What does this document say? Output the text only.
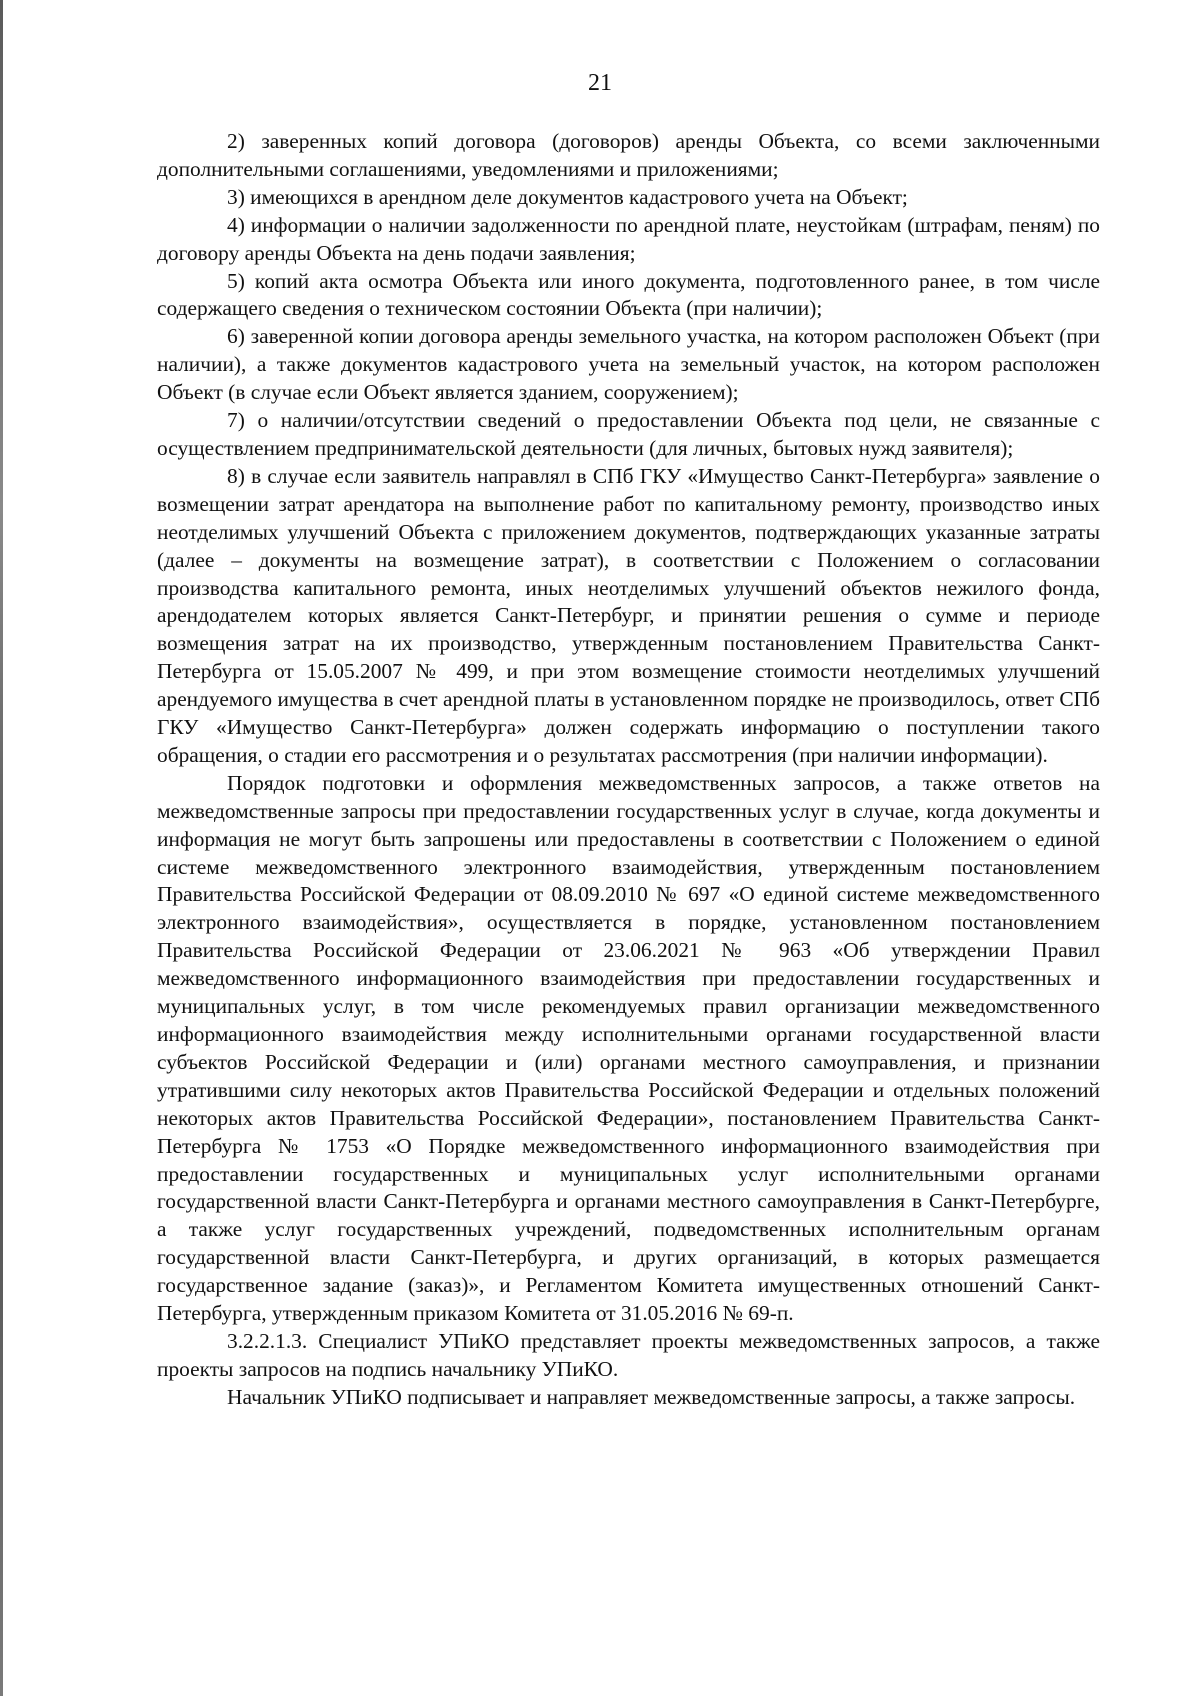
21

2) заверенных копий договора (договоров) аренды Объекта, со всеми заключенными дополнительными соглашениями, уведомлениями и приложениями;

3) имеющихся в арендном деле документов кадастрового учета на Объект;

4) информации о наличии задолженности по арендной плате, неустойкам (штрафам, пеням) по договору аренды Объекта на день подачи заявления;

5) копий акта осмотра Объекта или иного документа, подготовленного ранее, в том числе содержащего сведения о техническом состоянии Объекта (при наличии);

6) заверенной копии договора аренды земельного участка, на котором расположен Объект (при наличии), а также документов кадастрового учета на земельный участок, на котором расположен Объект (в случае если Объект является зданием, сооружением);

7) о наличии/отсутствии сведений о предоставлении Объекта под цели, не связанные с осуществлением предпринимательской деятельности (для личных, бытовых нужд заявителя);

8) в случае если заявитель направлял в СПб ГКУ «Имущество Санкт-Петербурга» заявление о возмещении затрат арендатора на выполнение работ по капитальному ремонту, производство иных неотделимых улучшений Объекта с приложением документов, подтверждающих указанные затраты (далее – документы на возмещение затрат), в соответствии с Положением о согласовании производства капитального ремонта, иных неотделимых улучшений объектов нежилого фонда, арендодателем которых является Санкт-Петербург, и принятии решения о сумме и периоде возмещения затрат на их производство, утвержденным постановлением Правительства Санкт-Петербурга от 15.05.2007 № 499, и при этом возмещение стоимости неотделимых улучшений арендуемого имущества в счет арендной платы в установленном порядке не производилось, ответ СПб ГКУ «Имущество Санкт-Петербурга» должен содержать информацию о поступлении такого обращения, о стадии его рассмотрения и о результатах рассмотрения (при наличии информации).

Порядок подготовки и оформления межведомственных запросов, а также ответов на межведомственные запросы при предоставлении государственных услуг в случае, когда документы и информация не могут быть запрошены или предоставлены в соответствии с Положением о единой системе межведомственного электронного взаимодействия, утвержденным постановлением Правительства Российской Федерации от 08.09.2010 № 697 «О единой системе межведомственного электронного взаимодействия», осуществляется в порядке, установленном постановлением Правительства Российской Федерации от 23.06.2021 № 963 «Об утверждении Правил межведомственного информационного взаимодействия при предоставлении государственных и муниципальных услуг, в том числе рекомендуемых правил организации межведомственного информационного взаимодействия между исполнительными органами государственной власти субъектов Российской Федерации и (или) органами местного самоуправления, и признании утратившими силу некоторых актов Правительства Российской Федерации и отдельных положений некоторых актов Правительства Российской Федерации», постановлением Правительства Санкт-Петербурга № 1753 «О Порядке межведомственного информационного взаимодействия при предоставлении государственных и муниципальных услуг исполнительными органами государственной власти Санкт-Петербурга и органами местного самоуправления в Санкт-Петербурге, а также услуг государственных учреждений, подведомственных исполнительным органам государственной власти Санкт-Петербурга, и других организаций, в которых размещается государственное задание (заказ)», и Регламентом Комитета имущественных отношений Санкт-Петербурга, утвержденным приказом Комитета от 31.05.2016 № 69-п.

3.2.2.1.3. Специалист УПиКО представляет проекты межведомственных запросов, а также проекты запросов на подпись начальнику УПиКО.

Начальник УПиКО подписывает и направляет межведомственные запросы, а также запросы.
